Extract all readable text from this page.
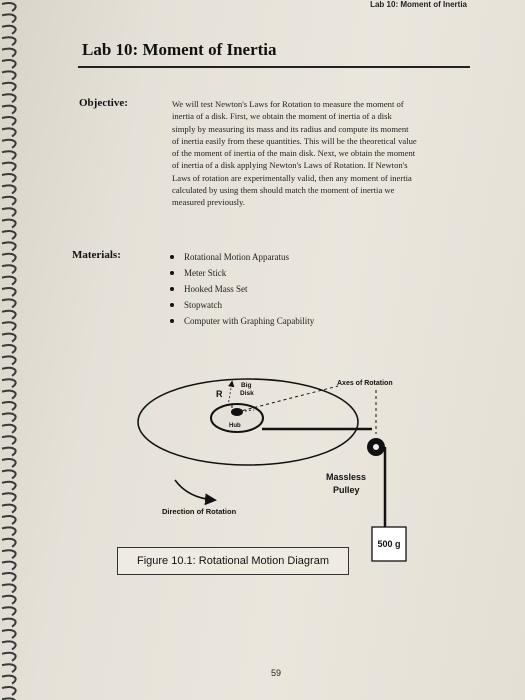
Lab 10: Moment of Inertia
Lab 10: Moment of Inertia
Objective:	We will test Newton's Laws for Rotation to measure the moment of
inertia of a disk. First, we obtain the moment of inertia of a disk
simply by measuring its mass and its radius and compute its moment
of inertia easily from these quantities. This will be the theoretical value
of the moment of inertia of the main disk. Next, we obtain the moment
of inertia of a disk applying Newton's Laws of Rotation. If Newton's
Laws of rotation are experimentally valid, then any moment of inertia
calculated by using them should match the moment of inertia we
measured previously.
Materials:	Rotational Motion Apparatus
Meter Stick
Hooked Mass Set
Stopwatch
Computer with Graphing Capability
500 g
Axes of Rotation
R
Big
Disk
r
Hub
Massless
Pulley
Direction of Rotation
Figure 10.1: Rotational Motion Diagram
59
